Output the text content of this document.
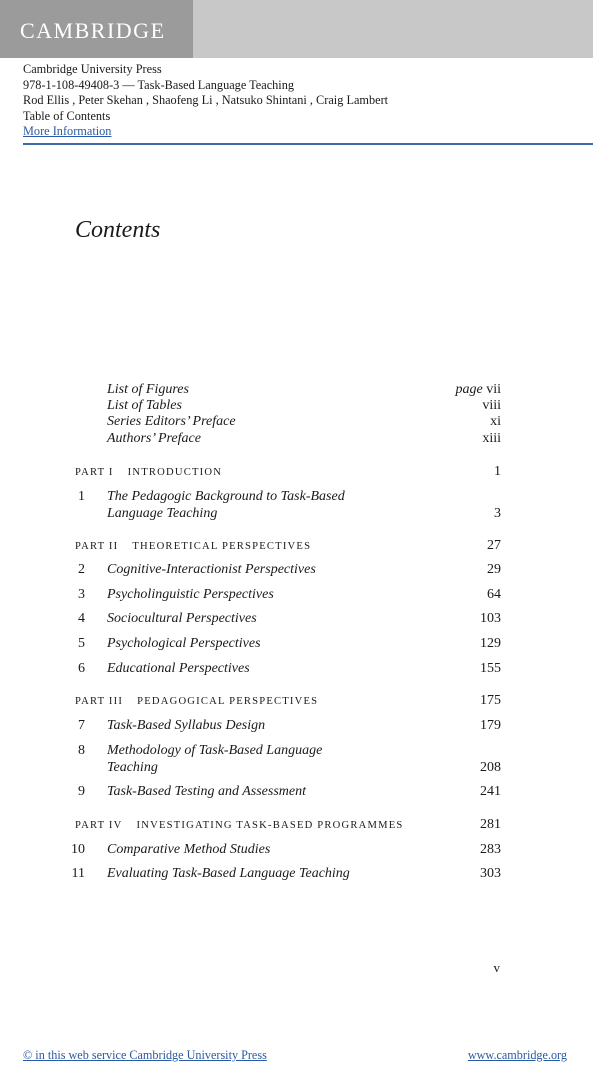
CAMBRIDGE
Cambridge University Press
978-1-108-49408-3 — Task-Based Language Teaching
Rod Ellis , Peter Skehan , Shaofeng Li , Natsuko Shintani , Craig Lambert
Table of Contents
More Information
Contents
List of Figures	page vii
List of Tables	viii
Series Editors’ Preface	xi
Authors’ Preface	xiii
PART I INTRODUCTION	1
1 The Pedagogic Background to Task-Based
Language Teaching	3
PART II THEORETICAL PERSPECTIVES	27
2 Cognitive-Interactionist Perspectives	29
3 Psycholinguistic Perspectives	64
4 Sociocultural Perspectives	103
5 Psychological Perspectives	129
6 Educational Perspectives	155
PART III PEDAGOGICAL PERSPECTIVES	175
7 Task-Based Syllabus Design	179
8 Methodology of Task-Based Language
Teaching	208
9 Task-Based Testing and Assessment	241
PART IV INVESTIGATING TASK-BASED PROGRAMMES	281
10 Comparative Method Studies	283
11 Evaluating Task-Based Language Teaching	303
v
© in this web service Cambridge University Press	www.cambridge.org
